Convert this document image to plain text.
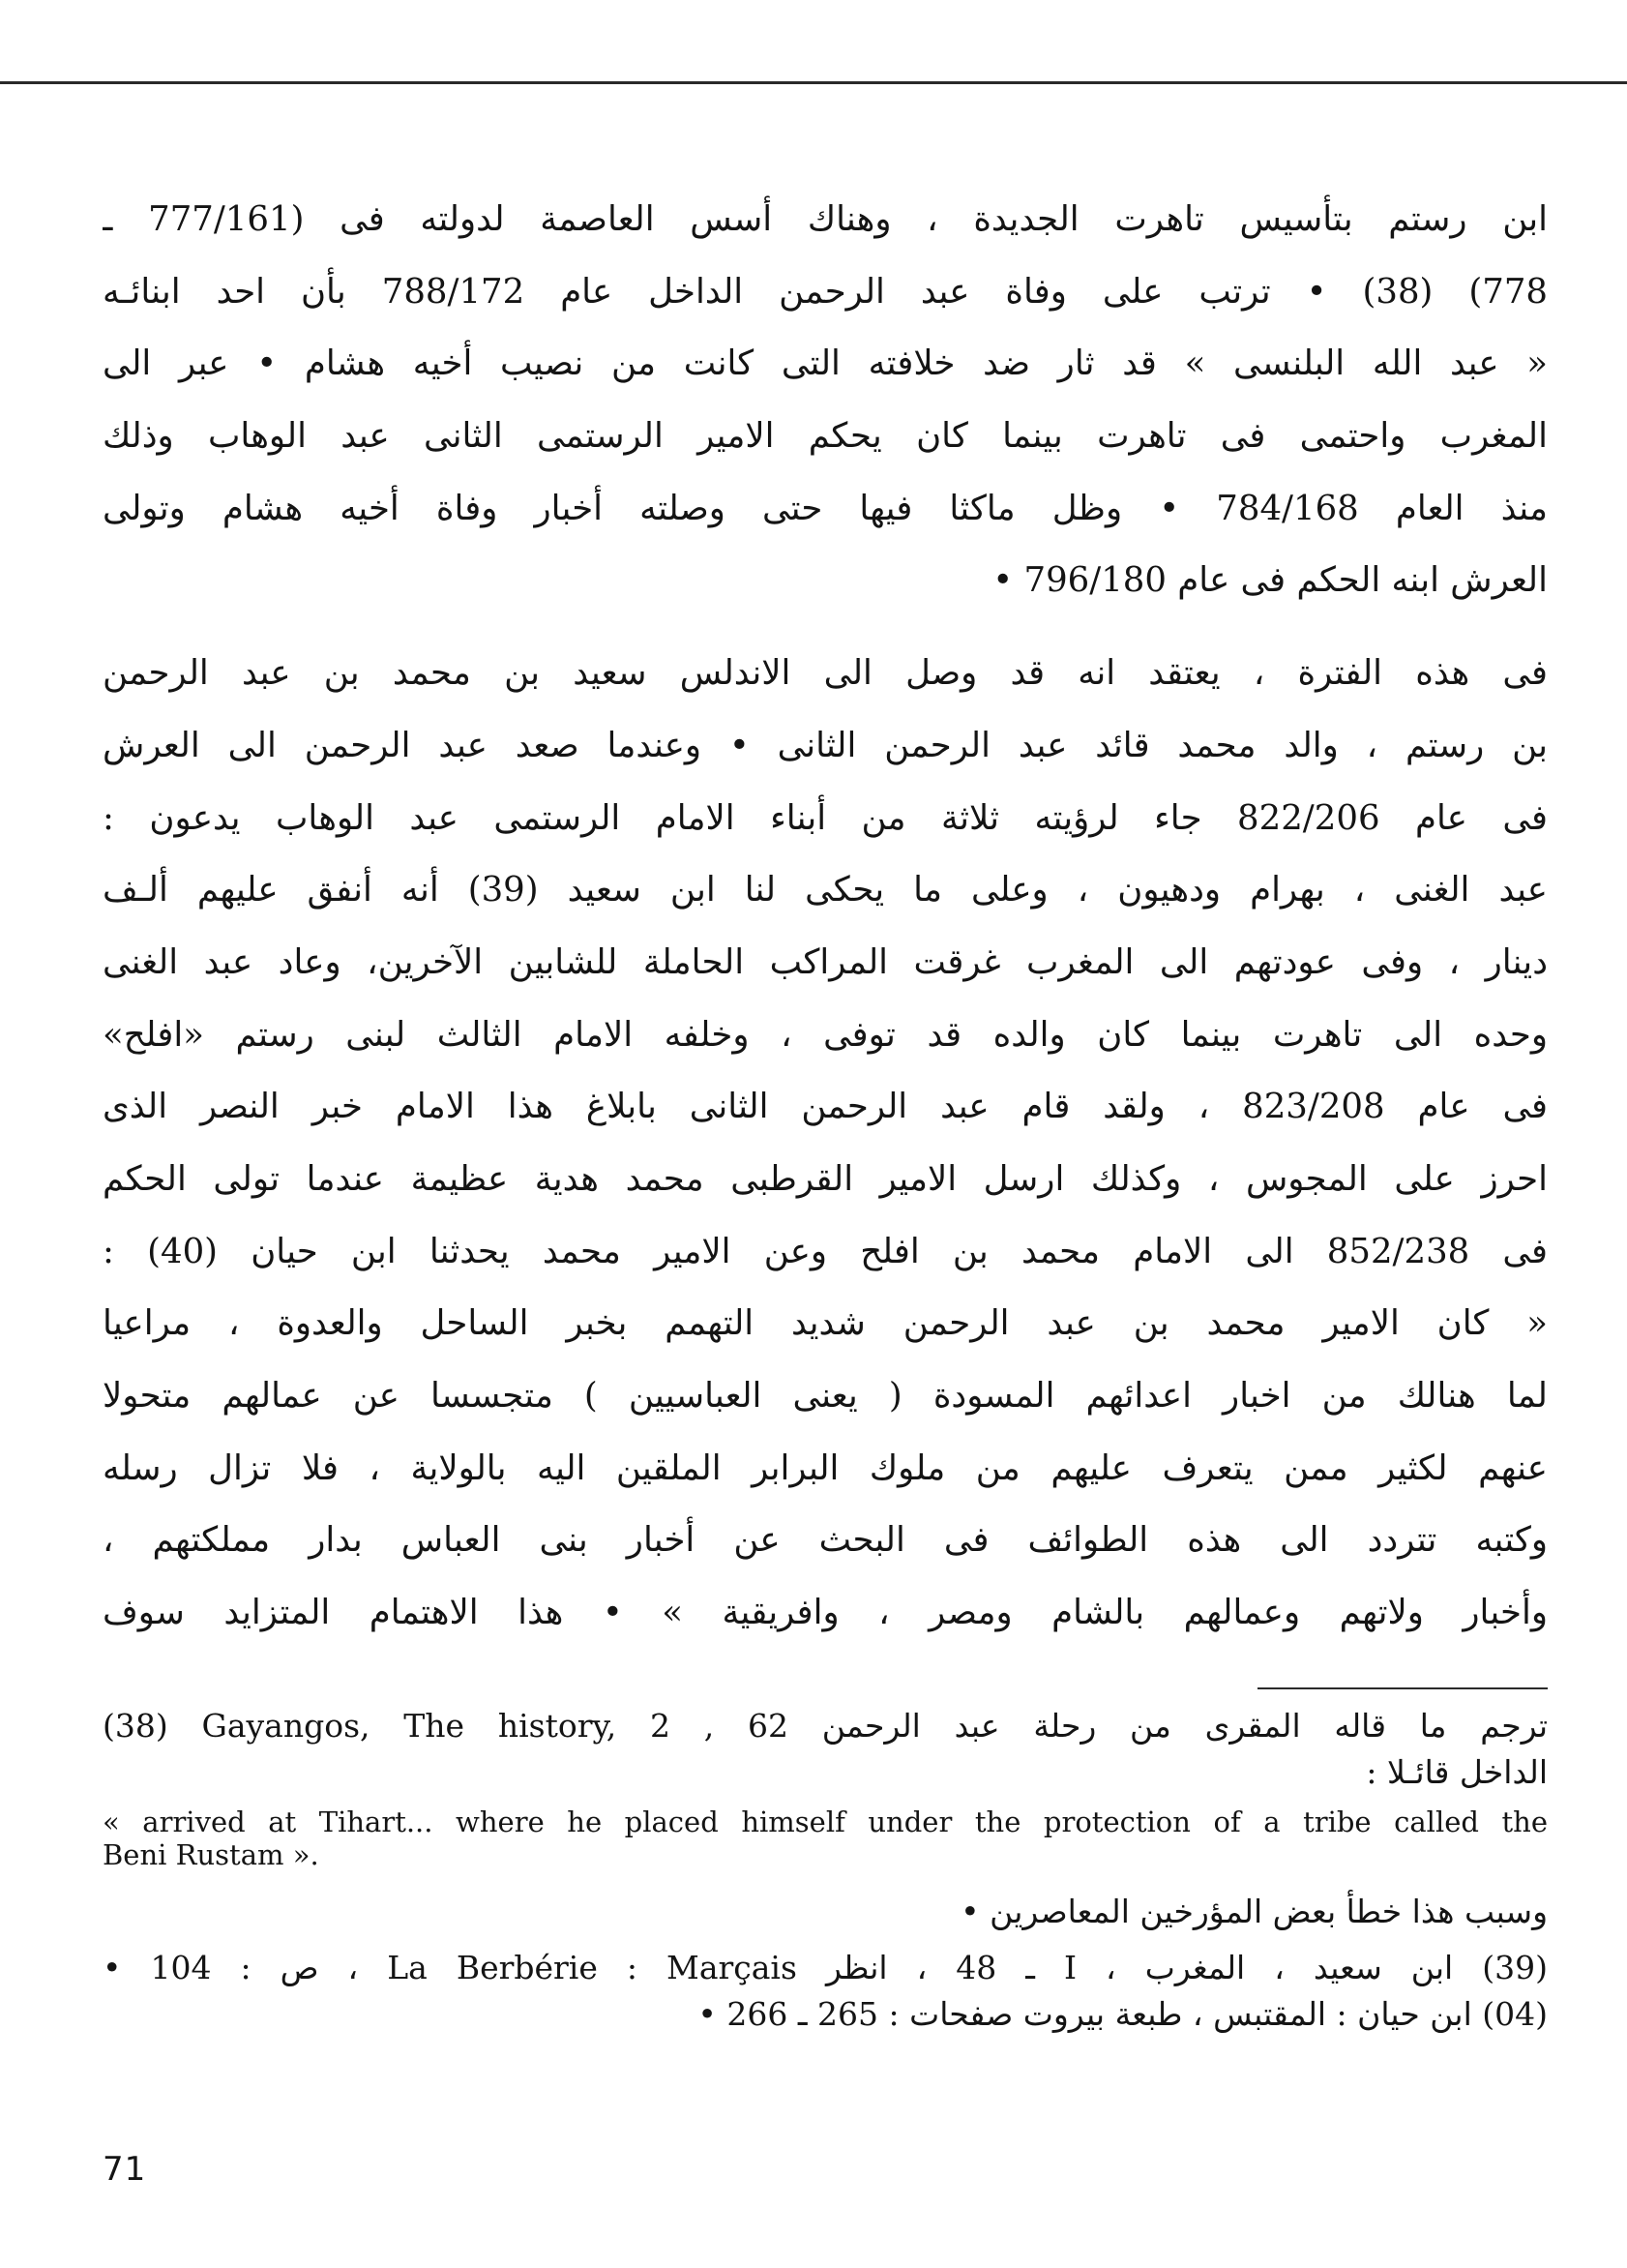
ابن رستم بتأسيس تاهرت الجديدة ، وهناك أسس العاصمة لدولته فى (777/161 ـ
778) (38) • ترتب على وفاة عبد الرحمن الداخل عام 788/172 بأن احد ابنائـه
« عبد الله البلنسى » قد ثار ضد خلافته التى كانت من نصيب أخيه هشام • عبر الى
المغرب واحتمى فى تاهرت بينما كان يحكم الامير الرستمى الثانى عبد الوهاب وذلك
منذ العام 784/168 • وظل ماكثا فيها حتى وصلته أخبار وفاة أخيه هشام وتولى
العرش ابنه الحكم فى عام 796/180 •
فى هذه الفترة ، يعتقد انه قد وصل الى الاندلس سعيد بن محمد بن عبد الرحمن
بن رستم ، والد محمد قائد عبد الرحمن الثانى • وعندما صعد عبد الرحمن الى العرش
فى عام 822/206 جاء لرؤيته ثلاثة من أبناء الامام الرستمى عبد الوهاب يدعون :
عبد الغنى ، بهرام ودهيون ، وعلى ما يحكى لنا ابن سعيد (39) أنه أنفق عليهم ألـف
دينار ، وفى عودتهم الى المغرب غرقت المراكب الحاملة للشابين الآخرين، وعاد عبد الغنى
وحده الى تاهرت بينما كان والده قد توفى ، وخلفه الامام الثالث لبنى رستم «افلح»
فى عام 823/208 ، ولقد قام عبد الرحمن الثانى بابلاغ هذا الامام خبر النصر الذى
احرز على المجوس ، وكذلك ارسل الامير القرطبى محمد هدية عظيمة عندما تولى الحكم
فى 852/238 الى الامام محمد بن افلح وعن الامير محمد يحدثنا ابن حيان (40) :
« كان الامير محمد بن عبد الرحمن شديد التهمم بخبر الساحل والعدوة ، مراعيا
لما هنالك من اخبار اعدائهم المسودة ( يعنى العباسيين ) متجسسا عن عمالهم متحولا
عنهم لكثير ممن يتعرف عليهم من ملوك البرابر الملقين اليه بالولاية ، فلا تزال رسله
وكتبه تتردد الى هذه الطوائف فى البحث عن أخبار بنى العباس بدار مملكتهم ،
وأخبار ولاتهم وعمالهم بالشام ومصر ، وافريقية » • هذا الاهتمام المتزايد سوف
(38) Gayangos, The history, 2 , 62 ترجم ما قاله المقرى من رحلة عبد الرحمن
الداخل قائـلا :
« arrived at Tihart... where he placed himself under the protection of a tribe called the
Beni Rustam ».
وسبب هذا خطأ بعض المؤرخين المعاصرين •
(39) ابن سعيد ، المغرب ، I ـ 48 ، انظر La Berbérie : Marçais ، ص : 104 •
(04) ابن حيان : المقتبس ، طبعة بيروت صفحات : 265 ـ 266 •
71
